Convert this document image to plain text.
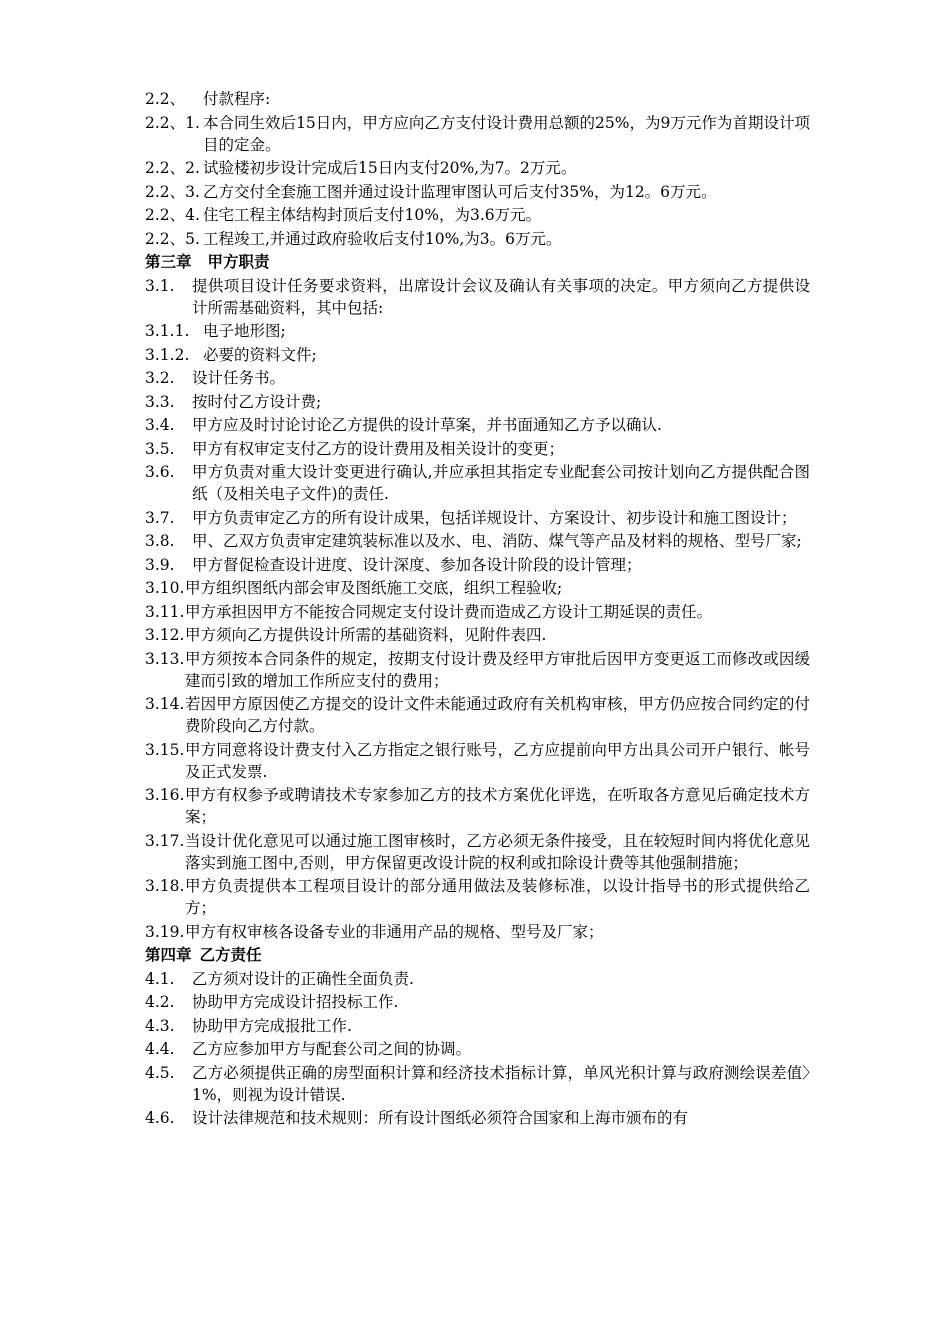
2.2、	付款程序:
2.2、1. 本合同生效后15日内，甲方应向乙方支付设计费用总额的25%，为9万元作为首期设计项目的定金。
2.2、2. 试验楼初步设计完成后15日内支付20%,为7。2万元。
2.2、3. 乙方交付全套施工图并通过设计监理审图认可后支付35%，为12。6万元。
2.2、4. 住宅工程主体结构封顶后支付10%，为3.6万元。
2.2、5. 工程竣工,并通过政府验收后支付10%,为3。6万元。
第三章 甲方职责
3.1.	提供项目设计任务要求资料，出席设计会议及确认有关事项的决定。甲方须向乙方提供设计所需基础资料，其中包括:
3.1.1. 电子地形图;
3.1.2. 必要的资料文件;
3.2.	设计任务书。
3.3.	按时付乙方设计费;
3.4.	甲方应及时讨论讨论乙方提供的设计草案，并书面通知乙方予以确认.
3.5.	甲方有权审定支付乙方的设计费用及相关设计的变更；
3.6.	甲方负责对重大设计变更进行确认,并应承担其指定专业配套公司按计划向乙方提供配合图纸（及相关电子文件)的责任.
3.7.	甲方负责审定乙方的所有设计成果，包括详规设计、方案设计、初步设计和施工图设计；
3.8.	甲、乙双方负责审定建筑装标准以及水、电、消防、煤气等产品及材料的规格、型号厂家;
3.9.	甲方督促检查设计进度、设计深度、参加各设计阶段的设计管理；
3.10. 甲方组织图纸内部会审及图纸施工交底，组织工程验收;
3.11. 甲方承担因甲方不能按合同规定支付设计费而造成乙方设计工期延误的责任。
3.12. 甲方须向乙方提供设计所需的基础资料，见附件表四.
3.13. 甲方须按本合同条件的规定，按期支付设计费及经甲方审批后因甲方变更返工而修改或因缓建而引致的增加工作所应支付的费用；
3.14. 若因甲方原因使乙方提交的设计文件未能通过政府有关机构审核，甲方仍应按合同约定的付费阶段向乙方付款。
3.15. 甲方同意将设计费支付入乙方指定之银行账号，乙方应提前向甲方出具公司开户银行、帐号及正式发票.
3.16. 甲方有权参予或聘请技术专家参加乙方的技术方案优化评选，在听取各方意见后确定技术方案；
3.17. 当设计优化意见可以通过施工图审核时，乙方必须无条件接受，且在较短时间内将优化意见落实到施工图中,否则，甲方保留更改设计院的权利或扣除设计费等其他强制措施；
3.18. 甲方负责提供本工程项目设计的部分通用做法及装修标准，以设计指导书的形式提供给乙方；
3.19. 甲方有权审核各设备专业的非通用产品的规格、型号及厂家；
第四章 乙方责任
4.1.	乙方须对设计的正确性全面负责.
4.2.	协助甲方完成设计招投标工作.
4.3.	协助甲方完成报批工作.
4.4.	乙方应参加甲方与配套公司之间的协调。
4.5.	乙方必须提供正确的房型面积计算和经济技术指标计算，单风光积计算与政府测绘误差值〉1%，则视为设计错误.
4.6.	设计法律规范和技术规则：所有设计图纸必须符合国家和上海市颁布的有
